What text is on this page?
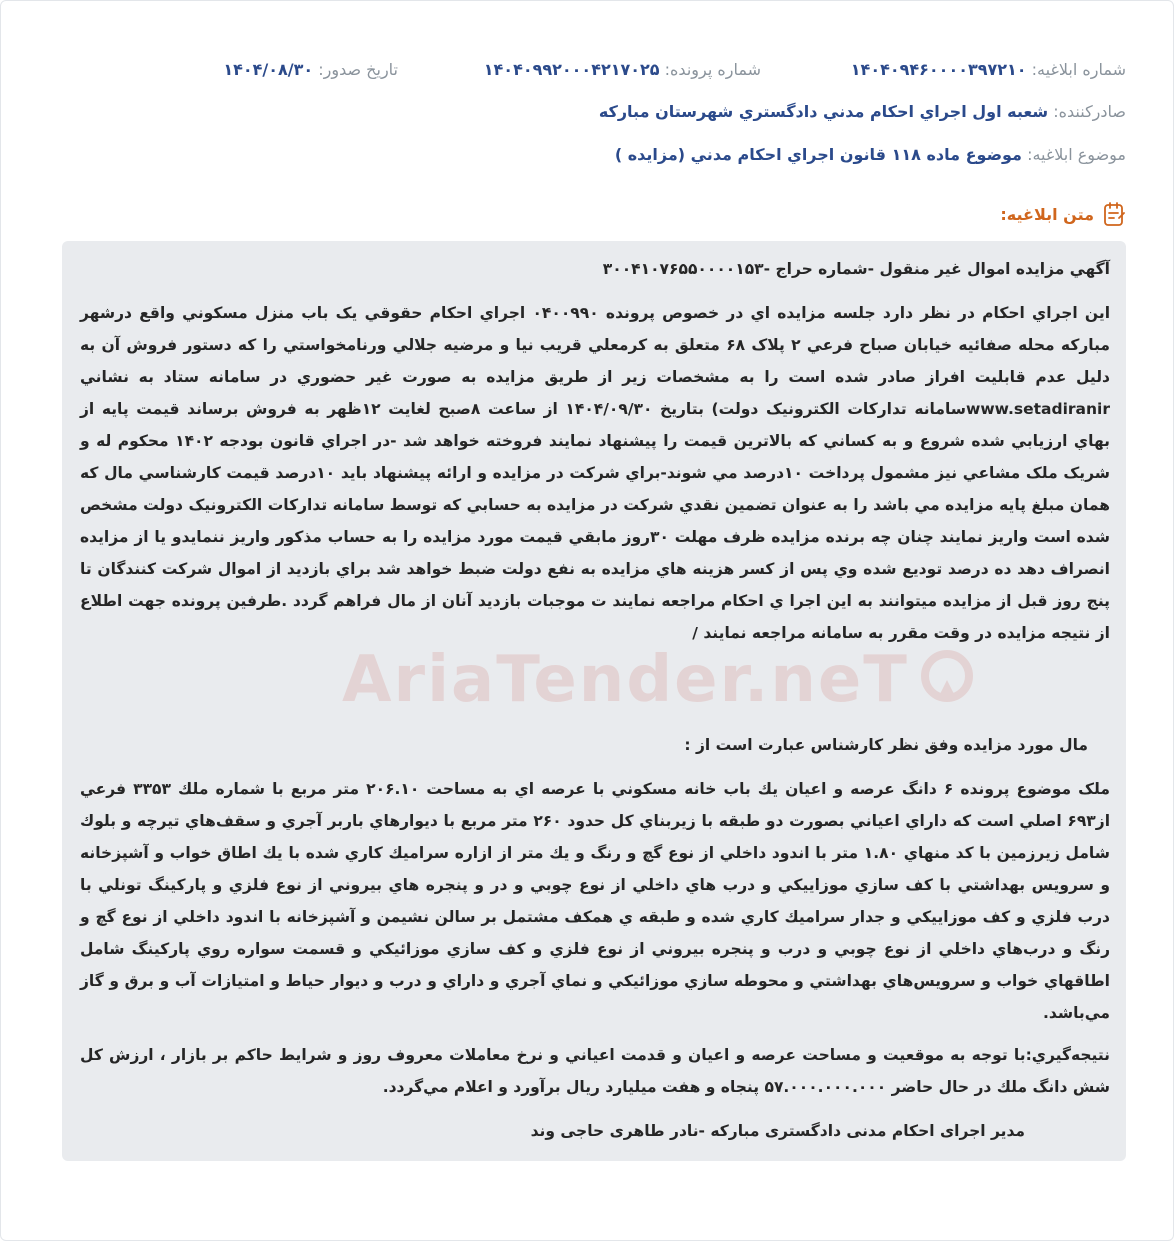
شماره ابلاغيه: ۱۴۰۴۰۹۴۶۰۰۰۰۳۹۷۲۱۰
شماره پرونده: ۱۴۰۴۰۹۹۲۰۰۰۴۲۱۷۰۲۵
تاريخ صدور: ۱۴۰۴/۰۸/۳۰
صادرکننده: شعبه اول اجراي احکام مدني دادگستري شهرستان مبارکه
موضوع ابلاغيه: موضوع ماده ۱۱۸ قانون اجراي احکام مدني (مزايده )
متن ابلاغيه:
AriaTender.neT

آگهي مزايده اموال غير منقول -شماره حراج -۳۰۰۴۱۰۷۶۵۵۰۰۰۰۱۵۳

اين اجراي احکام در نظر دارد جلسه مزايده اي در خصوص پرونده ۰۴۰۰۹۹۰ اجراي احکام حقوقي يک باب منزل مسکوني واقع درشهر مبارکه محله صفائيه خيابان صباح فرعي ۲ پلاک ۶۸ متعلق به کرمعلي قريب نيا و مرضيه جلالي ورنامخواستي را که دستور فروش آن به دليل عدم قابليت افراز صادر شده است را به مشخصات زير از طريق مزايده به صورت غير حضوري در سامانه ستاد به نشاني www.setadiranirسامانه تدارکات الکترونيک دولت) بتاريخ ۱۴۰۴/۰۹/۳۰ از ساعت ۸صبح لغايت ۱۲ظهر به فروش برساند قيمت پايه از بهاي ارزيابي شده شروع و به کساني که بالاترين قيمت را پيشنهاد نمايند فروخته خواهد شد -در اجراي قانون بودجه ۱۴۰۲ محکوم له و شريک ملک مشاعي نيز مشمول پرداخت ۱۰درصد مي شوند-براي شرکت در مزايده و ارائه پيشنهاد بايد ۱۰درصد قيمت کارشناسي مال که همان مبلغ پايه مزايده مي باشد را به عنوان تضمين نقدي شرکت در مزايده به حسابي که توسط سامانه تدارکات الکترونيک دولت مشخص شده است واريز نمايند چنان چه برنده مزايده ظرف مهلت ۳۰روز مابقي قيمت مورد مزايده را به حساب مذکور واريز ننمايدو يا از مزايده انصراف دهد ده درصد توديع شده وي پس از کسر هزينه هاي مزايده به نفع دولت ضبط خواهد شد براي بازديد از اموال شرکت کنندگان تا پنج روز قبل از مزايده ميتوانند به اين اجرا ي احکام مراجعه نمايند ت موجبات بازديد آنان از مال فراهم گردد .طرفين پرونده جهت اطلاع از نتيجه مزايده در وقت مقرر به سامانه مراجعه نمايند /

مال مورد مزايده وفق نظر کارشناس عبارت است از :

ملک موضوع پرونده ۶ دانگ عرصه و اعيان يك باب خانه مسكوني با عرصه اي به مساحت ۲۰۶.۱۰ متر مربع با شماره ملك ۳۳۵۳ فرعي از۶۹۳ اصلي است كه داراي اعياني بصورت دو طبقه با زيربناي كل حدود ۲۶۰ متر مربع با ديوارهاي باربر آجري و سقف‌هاي تيرچه و بلوك شامل زيرزمين با كد منهاي ۱.۸۰ متر با اندود داخلي از نوع گچ و رنگ و يك متر از ازاره سراميك كاري شده با يك اطاق خواب و آشپزخانه و سرويس بهداشتي با كف سازي موزاييكي و درب هاي داخلي از نوع چوبي و در و پنجره هاي بيروني از نوع فلزي و پاركينگ تونلي با درب فلزي و كف موزاييكي و جدار سراميك كاري شده و طبقه ي همكف مشتمل بر سالن نشيمن و آشپزخانه با اندود داخلي از نوع گچ و رنگ و درب‌هاي داخلي از نوع چوبي و درب و پنجره بيروني از نوع فلزي و كف سازي موزائيكي و قسمت سواره روي پاركينگ شامل اطاقهاي خواب و سرويس‌هاي بهداشتي و محوطه سازي موزائيكي و نماي آجري و داراي و درب و ديوار حياط و امتيازات آب و برق و گاز مي‌باشد.

نتيجه‌گيري:با توجه به موقعيت و مساحت عرصه و اعيان و قدمت اعياني و نرخ معاملات معروف روز و شرايط حاكم بر بازار ، ارزش كل شش دانگ ملك در حال حاضر ۵۷.۰۰۰.۰۰۰.۰۰۰ پنجاه و هفت ميلیارد ريال برآورد و اعلام مي‌گردد.

مدير اجرای احکام مدنی دادگستری مبارکه -نادر طاهری حاجی وند
